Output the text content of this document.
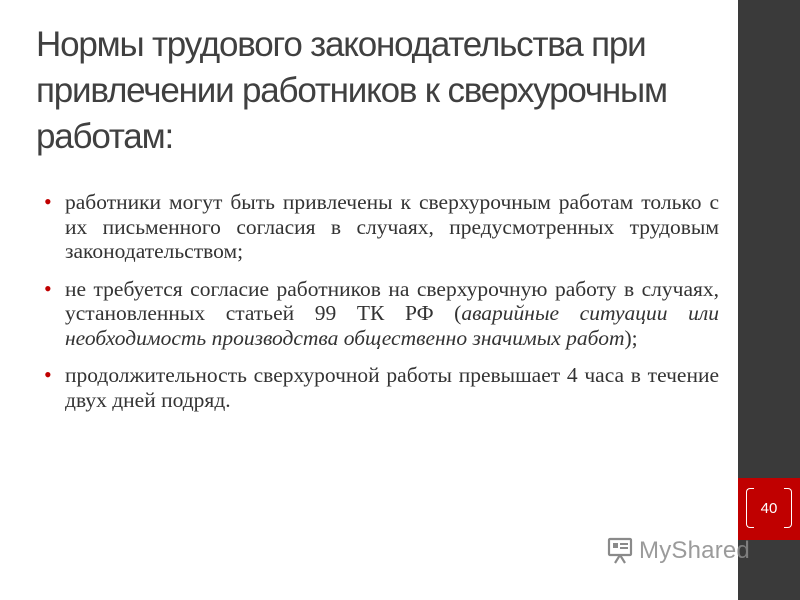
Нормы трудового законодательства при привлечении работников к сверхурочным работам:
• работники могут быть привлечены к сверхурочным работам только с их письменного согласия в случаях, предусмотренных трудовым законодательством;
• не требуется согласие работников на сверхурочную работу в случаях, установленных статьей 99 ТК РФ (аварийные ситуации или необходимость производства общественно значимых работ);
• продолжительность сверхурочной работы превышает 4 часа в течение двух дней подряд.
40
MyShared
